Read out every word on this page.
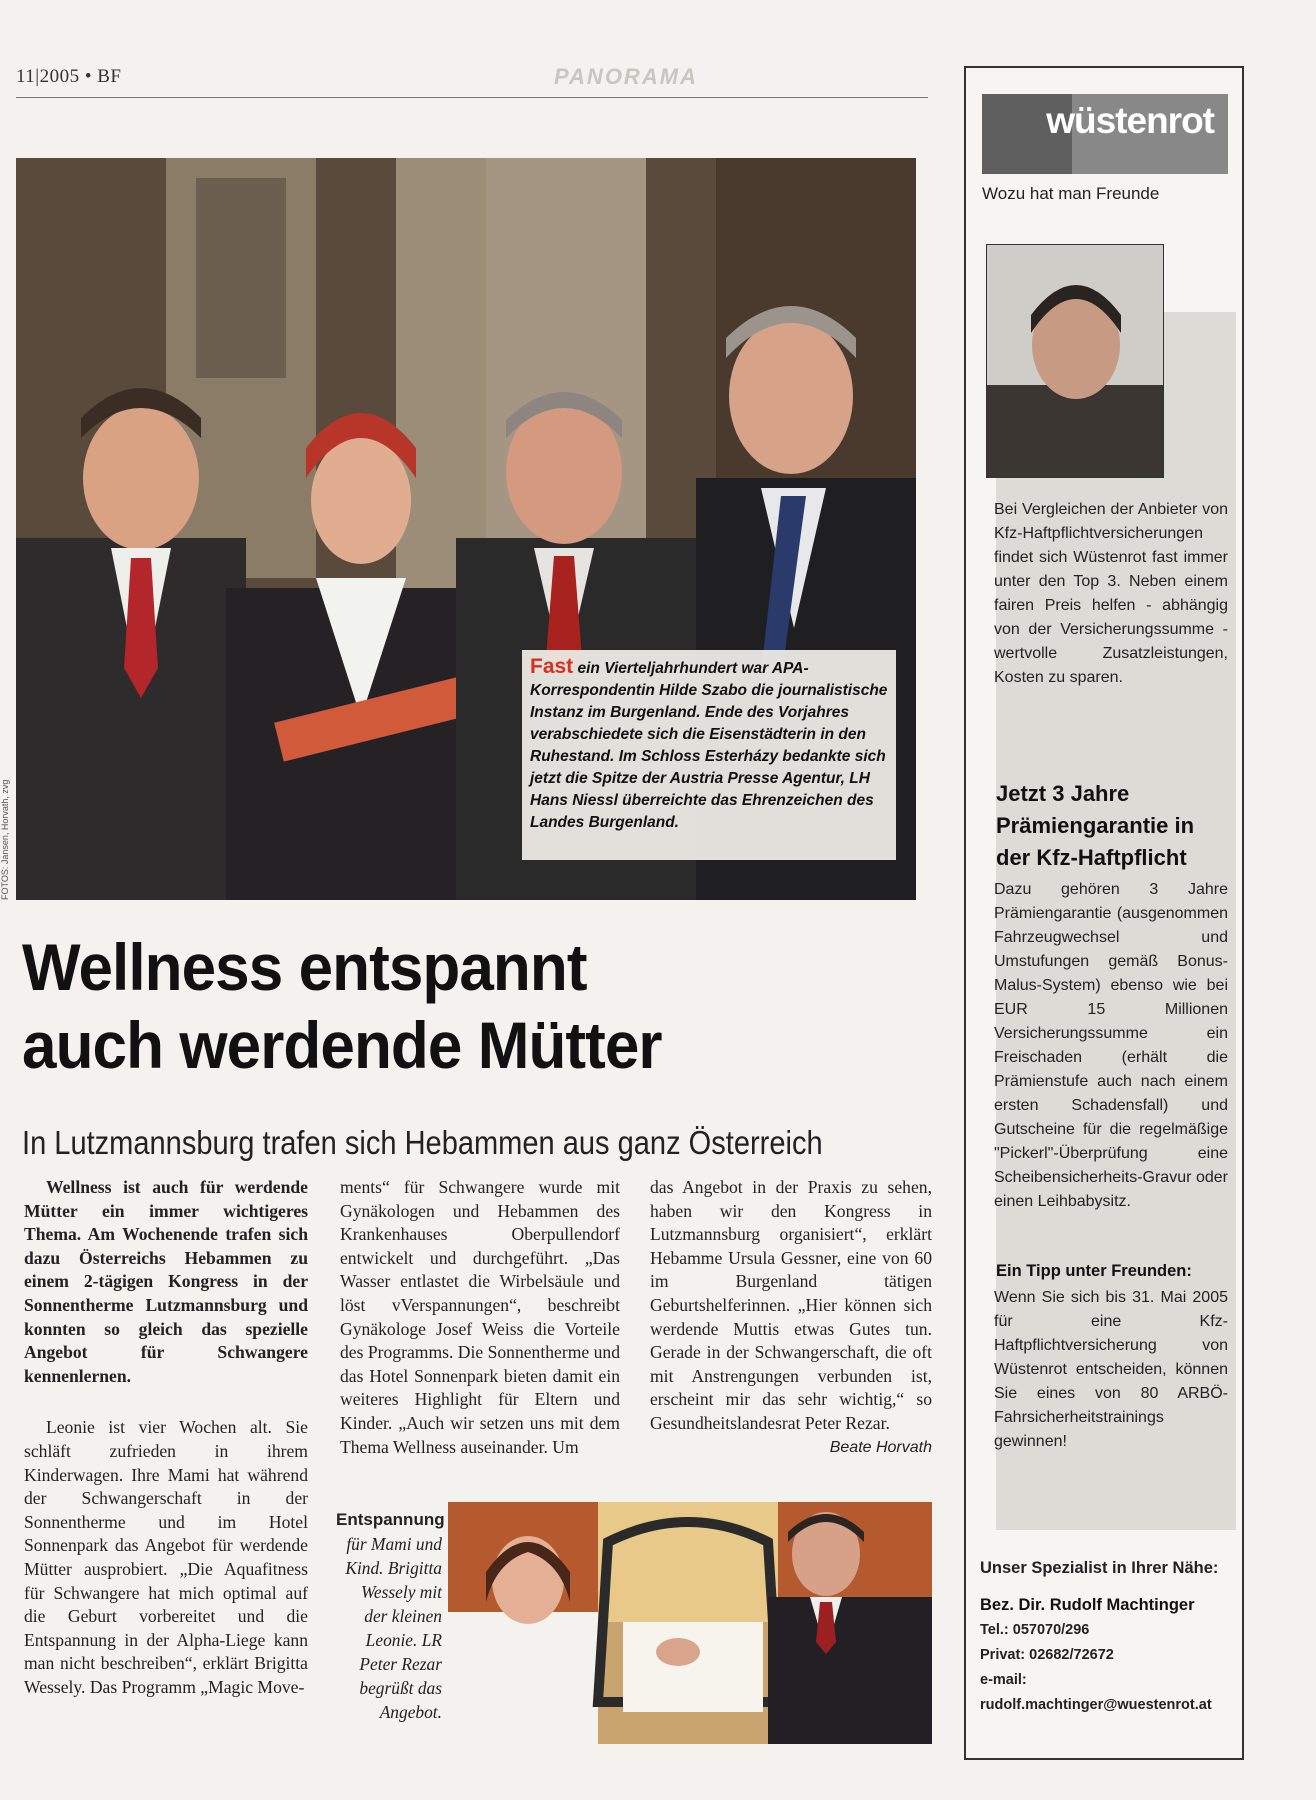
11|2005 • BF	PANORAMA
FOTOS: Jansen, Horvath, zvg
Fast ein Vierteljahrhundert war APA-Korrespondentin Hilde Szabo die journalistische Instanz im Burgenland. Ende des Vorjahres verabschiedete sich die Eisenstädterin in den Ruhestand. Im Schloss Esterházy bedankte sich jetzt die Spitze der Austria Presse Agentur, LH Hans Niessl überreichte das Ehrenzeichen des Landes Burgenland.
Wellness entspannt
auch werdende Mütter
In Lutzmannsburg trafen sich Hebammen aus ganz Österreich

Wellness ist auch für werdende Mütter ein immer wichtigeres Thema. Am Wochenende trafen sich dazu Österreichs Hebammen zu einem 2-tägigen Kongress in der Sonnentherme Lutzmannsburg und konnten so gleich das spezielle Angebot für Schwangere kennenlernen.

Leonie ist vier Wochen alt. Sie schläft zufrieden in ihrem Kinderwagen. Ihre Mami hat während der Schwangerschaft in der Sonnentherme und im Hotel Sonnenpark das Angebot für werdende Mütter ausprobiert. „Die Aquafitness für Schwangere hat mich optimal auf die Geburt vorbereitet und die Entspannung in der Alpha-Liege kann man nicht beschreiben“, erklärt Brigitta Wessely. Das Programm „Magic Move-

ments“ für Schwangere wurde mit Gynäkologen und Hebammen des Krankenhauses Oberpullendorf entwickelt und durchgeführt. „Das Wasser entlastet die Wirbelsäule und löst vVerspannungen“, beschreibt Gynäkologe Josef Weiss die Vorteile des Programms. Die Sonnentherme und das Hotel Sonnenpark bieten damit ein weiteres Highlight für Eltern und Kinder. „Auch wir setzen uns mit dem Thema Wellness auseinander. Um

das Angebot in der Praxis zu sehen, haben wir den Kongress in Lutzmannsburg organisiert“, erklärt Hebamme Ursula Gessner, eine von 60 im Burgenland tätigen Geburtshelferinnen. „Hier können sich werdende Muttis etwas Gutes tun. Gerade in der Schwangerschaft, die oft mit Anstrengungen verbunden ist, erscheint mir das sehr wichtig,“ so Gesundheitslandesrat Peter Rezar.

Beate Horvath
Entspannung
für Mami und Kind. Brigitta Wessely mit der kleinen Leonie. LR Peter Rezar begrüßt das Angebot.
wüstenrot
Wozu hat man Freunde
Bei Vergleichen der Anbieter von Kfz-Haftpflichtversicherungen findet sich Wüstenrot fast immer unter den Top 3. Neben einem fairen Preis helfen - abhängig von der Versicherungssumme - wertvolle Zusatzleistungen, Kosten zu sparen.
Jetzt 3 Jahre Prämiengarantie in der Kfz-Haftpflicht
Dazu gehören 3 Jahre Prämiengarantie (ausgenommen Fahrzeugwechsel und Umstufungen gemäß Bonus-Malus-System) ebenso wie bei EUR 15 Millionen Versicherungssumme ein Freischaden (erhält die Prämienstufe auch nach einem ersten Schadensfall) und Gutscheine für die regelmäßige "Pickerl"-Überprüfung eine Scheibensicherheits-Gravur oder einen Leihbabysitz.
Ein Tipp unter Freunden:
Wenn Sie sich bis 31. Mai 2005 für eine Kfz-Haftpflichtversicherung von Wüstenrot entscheiden, können Sie eines von 80 ARBÖ-Fahrsicherheitstrainings gewinnen!
Unser Spezialist in Ihrer Nähe:
Bez. Dir. Rudolf Machtinger
Tel.: 057070/296
Privat: 02682/72672
e-mail:
rudolf.machtinger@wuestenrot.at
